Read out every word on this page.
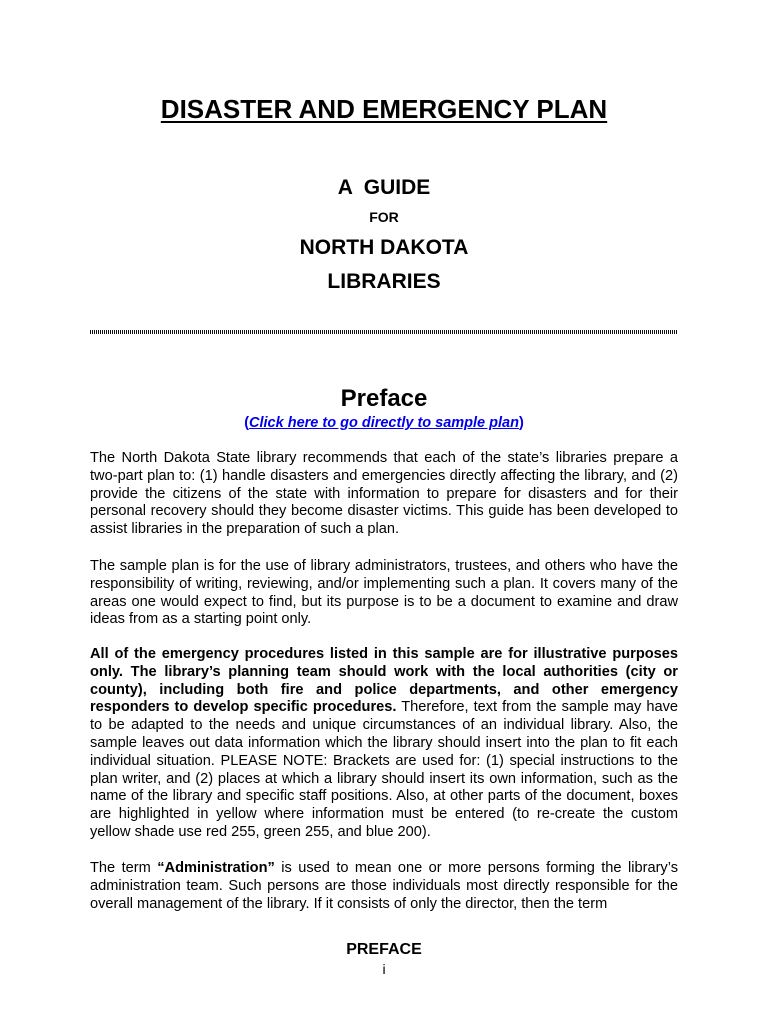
DISASTER AND EMERGENCY PLAN
A  GUIDE
FOR
NORTH DAKOTA
LIBRARIES
Preface
(Click here to go directly to sample plan)

The North Dakota State library recommends that each of the state’s libraries prepare a two-part plan to: (1) handle disasters and emergencies directly affecting the library, and (2) provide the citizens of the state with information to prepare for disasters and for their personal recovery should they become disaster victims. This guide has been developed to assist libraries in the preparation of such a plan.

The sample plan is for the use of library administrators, trustees, and others who have the responsibility of writing, reviewing, and/or implementing such a plan. It covers many of the areas one would expect to find, but its purpose is to be a document to examine and draw ideas from as a starting point only.

All of the emergency procedures listed in this sample are for illustrative purposes only. The library’s planning team should work with the local authorities (city or county), including both fire and police departments, and other emergency responders to develop specific procedures. Therefore, text from the sample may have to be adapted to the needs and unique circumstances of an individual library. Also, the sample leaves out data information which the library should insert into the plan to fit each individual situation. PLEASE NOTE: Brackets are used for: (1) special instructions to the plan writer, and (2) places at which a library should insert its own information, such as the name of the library and specific staff positions. Also, at other parts of the document, boxes are highlighted in yellow where information must be entered (to re-create the custom yellow shade use red 255, green 255, and blue 200).

The term “Administration” is used to mean one or more persons forming the library’s administration team. Such persons are those individuals most directly responsible for the overall management of the library. If it consists of only the director, then the term

PREFACE
i
